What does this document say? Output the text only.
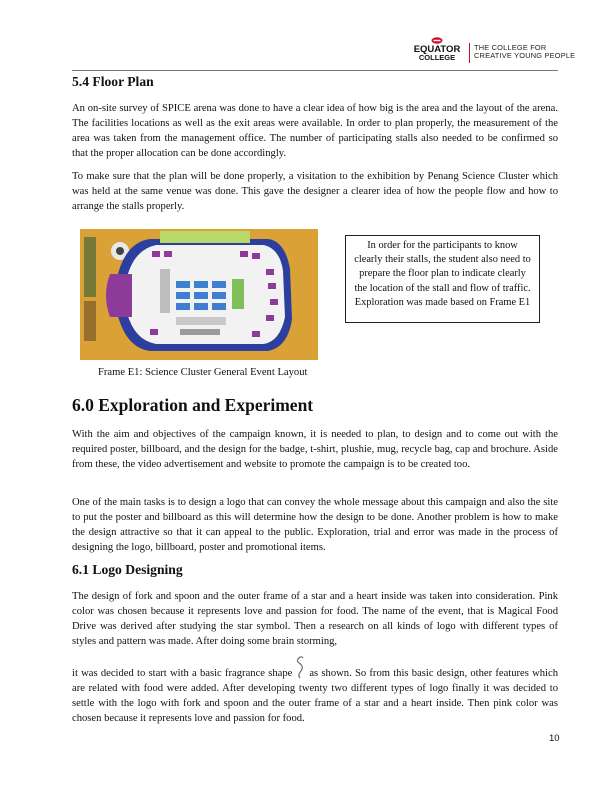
EQUATOR
COLLEGE
THE COLLEGE FOR
CREATIVE YOUNG PEOPLE
5.4 Floor Plan

An on-site survey of SPICE arena was done to have a clear idea of how big is the area and the layout of the arena. The facilities locations as well as the exit areas were available. In order to plan properly, the measurement of the area was taken from the management office. The number of participating stalls also needed to be confirmed so that the proper allocation can be done accordingly.

To make sure that the plan will be done properly, a visitation to the exhibition by Penang Science Cluster which was held at the same venue was done. This gave the designer a clearer idea of how the people flow and how to arrange the stalls properly.

In order for the participants to know clearly their stalls, the student also need to prepare the floor plan to indicate clearly the location of the stall and flow of traffic. Exploration was made based on Frame E1
Frame E1: Science Cluster General Event Layout
6.0 Exploration and Experiment

With the aim and objectives of the campaign known, it is needed to plan, to design and to come out with the required poster, billboard, and the design for the badge, t-shirt, plushie, mug, recycle bag, cap and brochure. Aside from these, the video advertisement and website to promote the campaign is to be created too.

One of the main tasks is to design a logo that can convey the whole message about this campaign and also the site to put the poster and billboard as this will determine how the design to be done. Another problem is how to make the design attractive so that it can appeal to the public. Exploration, trial and error was made in the process of designing the logo, billboard, poster and promotional items.

6.1 Logo Designing

The design of fork and spoon and the outer frame of a star and a heart inside was taken into consideration. Pink color was chosen because it represents love and passion for food. The name of the event, that is Magical Food Drive was derived after studying the star symbol. Then a research on all kinds of logo with different types of styles and pattern was made. After doing some brain storming,

it was decided to start with a basic fragrance shape as shown. So from this basic design, other features which are related with food were added. After developing twenty two different types of logo finally it was decided to settle with the logo with fork and spoon and the outer frame of a star and a heart inside. Then pink color was chosen because it represents love and passion for food.

10
